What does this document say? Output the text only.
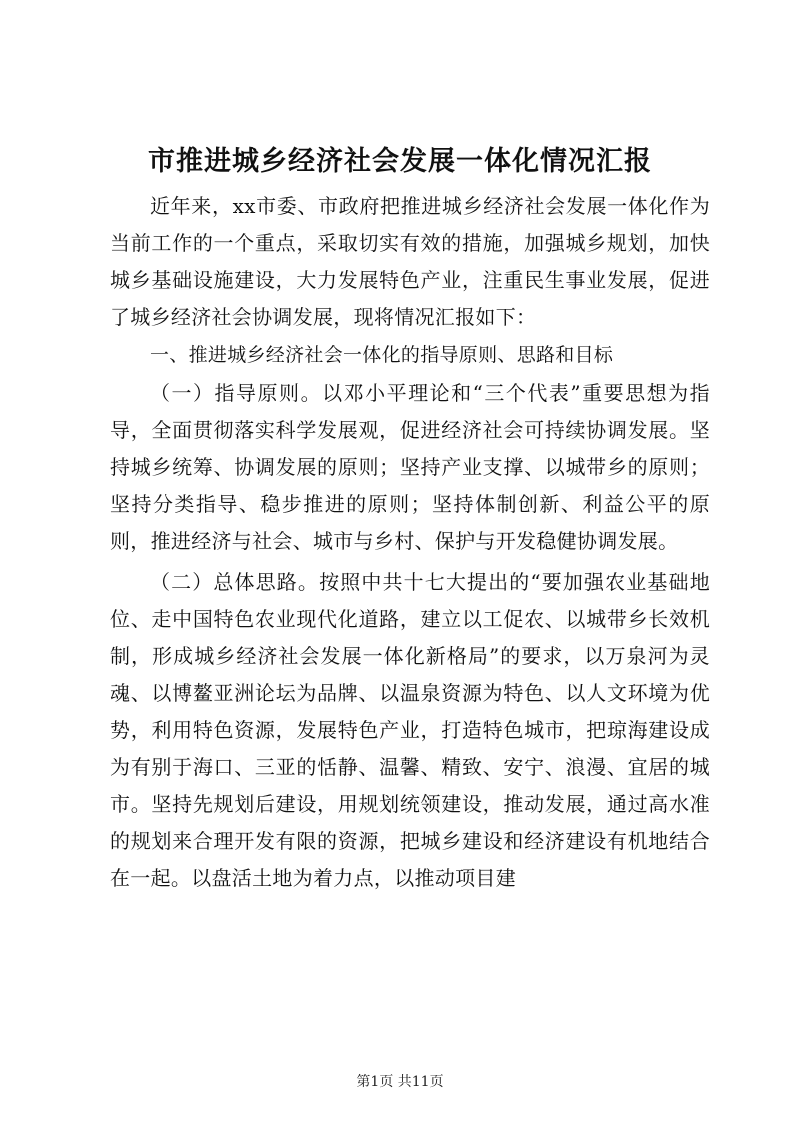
市推进城乡经济社会发展一体化情况汇报

近年来，xx市委、市政府把推进城乡经济社会发展一体化作为当前工作的一个重点，采取切实有效的措施，加强城乡规划，加快城乡基础设施建设，大力发展特色产业，注重民生事业发展，促进了城乡经济社会协调发展，现将情况汇报如下：

一、推进城乡经济社会一体化的指导原则、思路和目标

（一）指导原则。以邓小平理论和“三个代表”重要思想为指导，全面贯彻落实科学发展观，促进经济社会可持续协调发展。坚持城乡统筹、协调发展的原则；坚持产业支撑、以城带乡的原则；坚持分类指导、稳步推进的原则；坚持体制创新、利益公平的原则，推进经济与社会、城市与乡村、保护与开发稳健协调发展。

（二）总体思路。按照中共十七大提出的“要加强农业基础地位、走中国特色农业现代化道路，建立以工促农、以城带乡长效机制，形成城乡经济社会发展一体化新格局”的要求，以万泉河为灵魂、以博鳌亚洲论坛为品牌、以温泉资源为特色、以人文环境为优势，利用特色资源，发展特色产业，打造特色城市，把琼海建设成为有别于海口、三亚的恬静、温馨、精致、安宁、浪漫、宜居的城市。坚持先规划后建设，用规划统领建设，推动发展，通过高水准的规划来合理开发有限的资源，把城乡建设和经济建设有机地结合在一起。以盘活土地为着力点，以推动项目建

第1页 共11页
